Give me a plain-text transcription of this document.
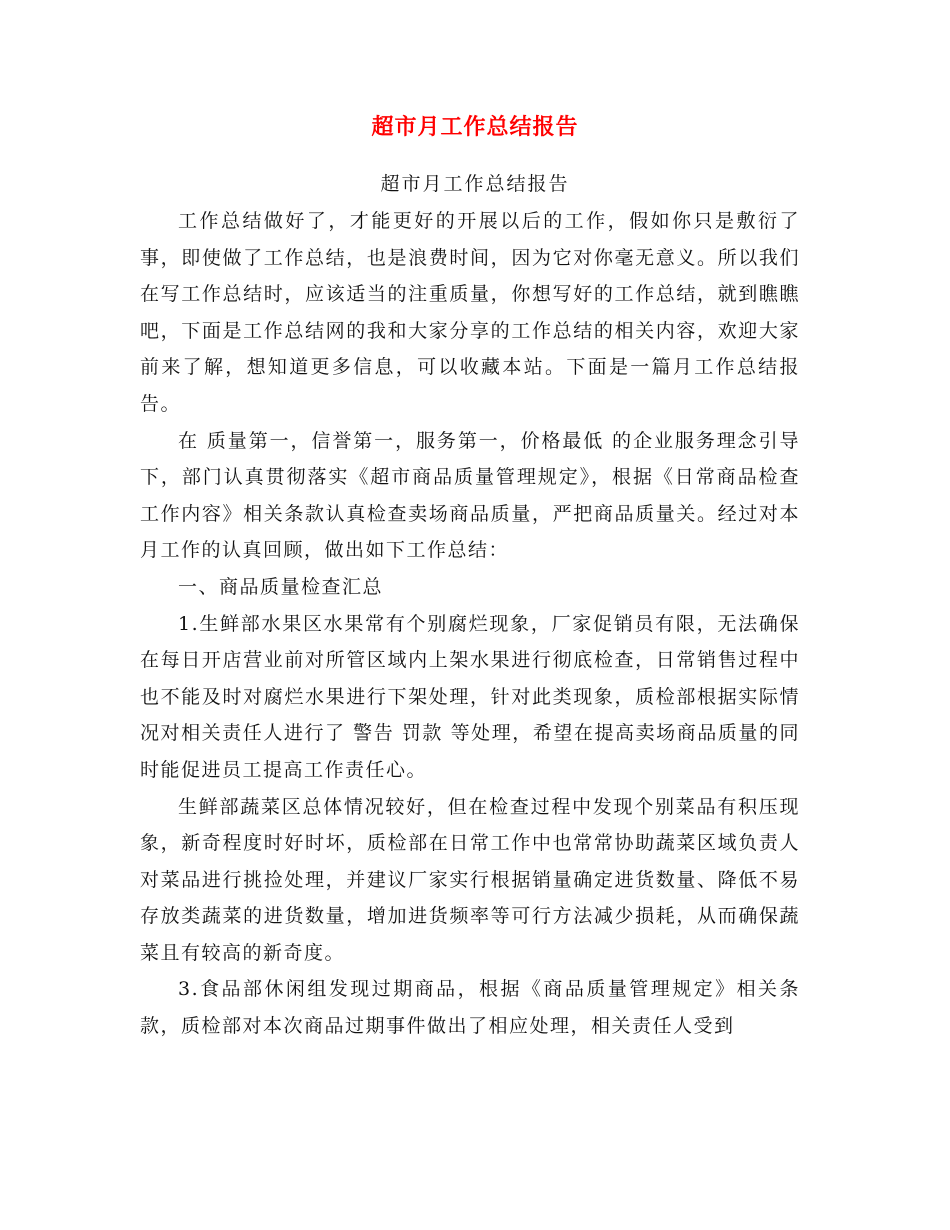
超市月工作总结报告
超市月工作总结报告

工作总结做好了，才能更好的开展以后的工作，假如你只是敷衍了事，即使做了工作总结，也是浪费时间，因为它对你毫无意义。所以我们在写工作总结时，应该适当的注重质量，你想写好的工作总结，就到瞧瞧吧，下面是工作总结网的我和大家分享的工作总结的相关内容，欢迎大家前来了解，想知道更多信息，可以收藏本站。下面是一篇月工作总结报告。

在 质量第一，信誉第一，服务第一，价格最低 的企业服务理念引导下，部门认真贯彻落实《超市商品质量管理规定》，根据《日常商品检查工作内容》相关条款认真检查卖场商品质量，严把商品质量关。经过对本月工作的认真回顾，做出如下工作总结：

一、商品质量检查汇总

1.生鲜部水果区水果常有个别腐烂现象，厂家促销员有限，无法确保在每日开店营业前对所管区域内上架水果进行彻底检查，日常销售过程中也不能及时对腐烂水果进行下架处理，针对此类现象，质检部根据实际情况对相关责任人进行了 警告 罚款 等处理，希望在提高卖场商品质量的同时能促进员工提高工作责任心。

生鲜部蔬菜区总体情况较好，但在检查过程中发现个别菜品有积压现象，新奇程度时好时坏，质检部在日常工作中也常常协助蔬菜区域负责人对菜品进行挑捡处理，并建议厂家实行根据销量确定进货数量、降低不易存放类蔬菜的进货数量，增加进货频率等可行方法减少损耗，从而确保蔬菜且有较高的新奇度。

3.食品部休闲组发现过期商品，根据《商品质量管理规定》相关条款，质检部对本次商品过期事件做出了相应处理，相关责任人受到
